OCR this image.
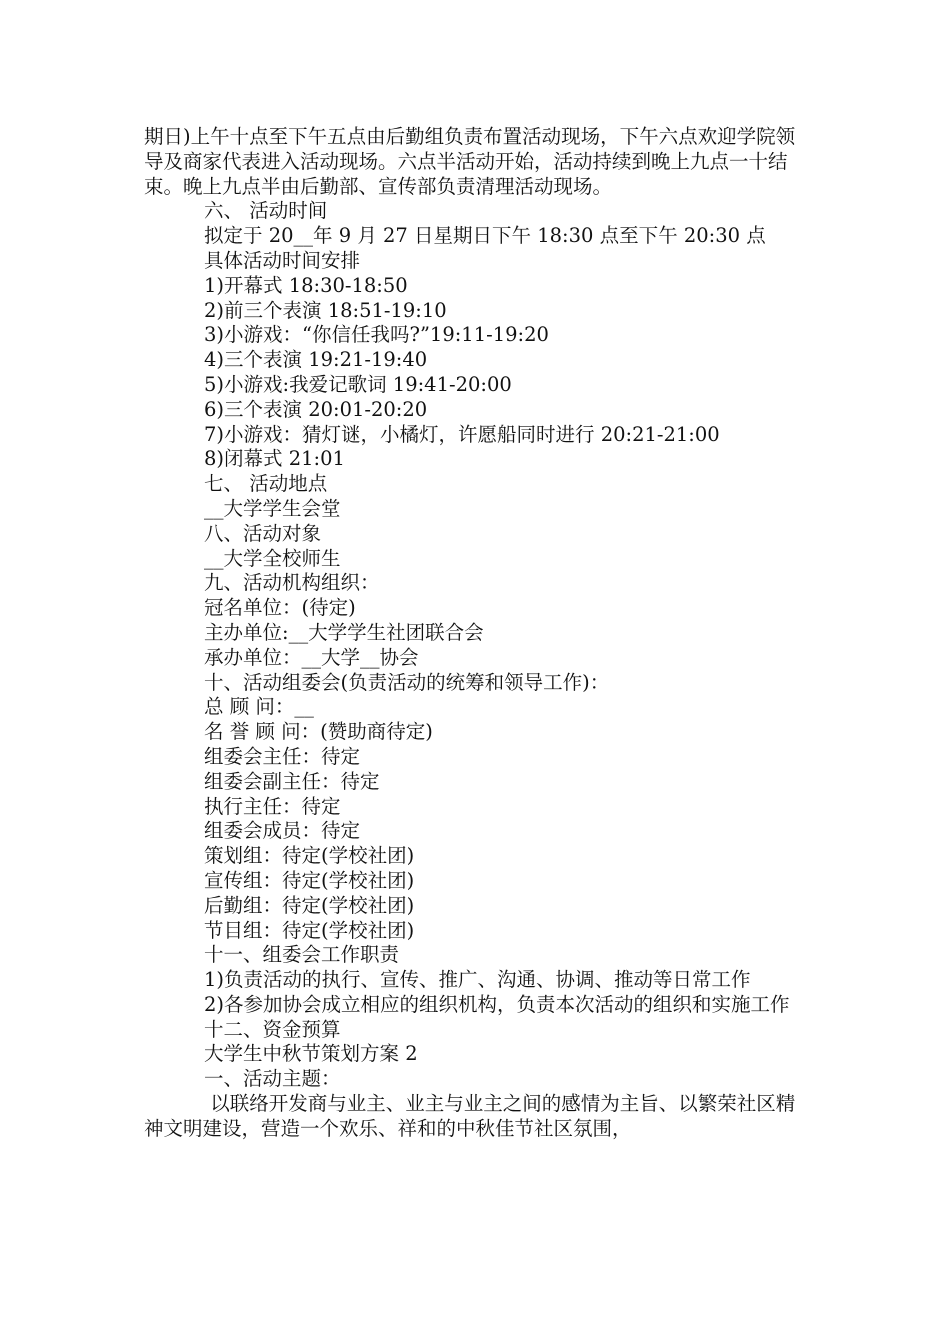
期日)上午十点至下午五点由后勤组负责布置活动现场，下午六点欢迎学院领导及商家代表进入活动现场。六点半活动开始，活动持续到晚上九点一十结束。晚上九点半由后勤部、宣传部负责清理活动现场。

六、 活动时间

拟定于 20__年 9 月 27 日星期日下午 18:30 点至下午 20:30 点

具体活动时间安排

1)开幕式 18:30-18:50

2)前三个表演 18:51-19:10

3)小游戏：“你信任我吗?”19:11-19:20

4)三个表演 19:21-19:40

5)小游戏:我爱记歌词 19:41-20:00

6)三个表演 20:01-20:20

7)小游戏：猜灯谜，小橘灯，许愿船同时进行 20:21-21:00

8)闭幕式 21:01

七、 活动地点

__大学学生会堂

八、活动对象

__大学全校师生

九、活动机构组织：

冠名单位：(待定)

主办单位:__大学学生社团联合会

承办单位：__大学__协会

十、活动组委会(负责活动的统筹和领导工作)：

总 顾 问：__

名 誉 顾 问：(赞助商待定)

组委会主任：待定

组委会副主任：待定

执行主任：待定

组委会成员：待定

策划组：待定(学校社团)

宣传组：待定(学校社团)

后勤组：待定(学校社团)

节目组：待定(学校社团)

十一、组委会工作职责

1)负责活动的执行、宣传、推广、沟通、协调、推动等日常工作

2)各参加协会成立相应的组织机构，负责本次活动的组织和实施工作

十二、资金预算

大学生中秋节策划方案 2

一、活动主题：

以联络开发商与业主、业主与业主之间的感情为主旨、以繁荣社区精神文明建设，营造一个欢乐、祥和的中秋佳节社区氛围，
